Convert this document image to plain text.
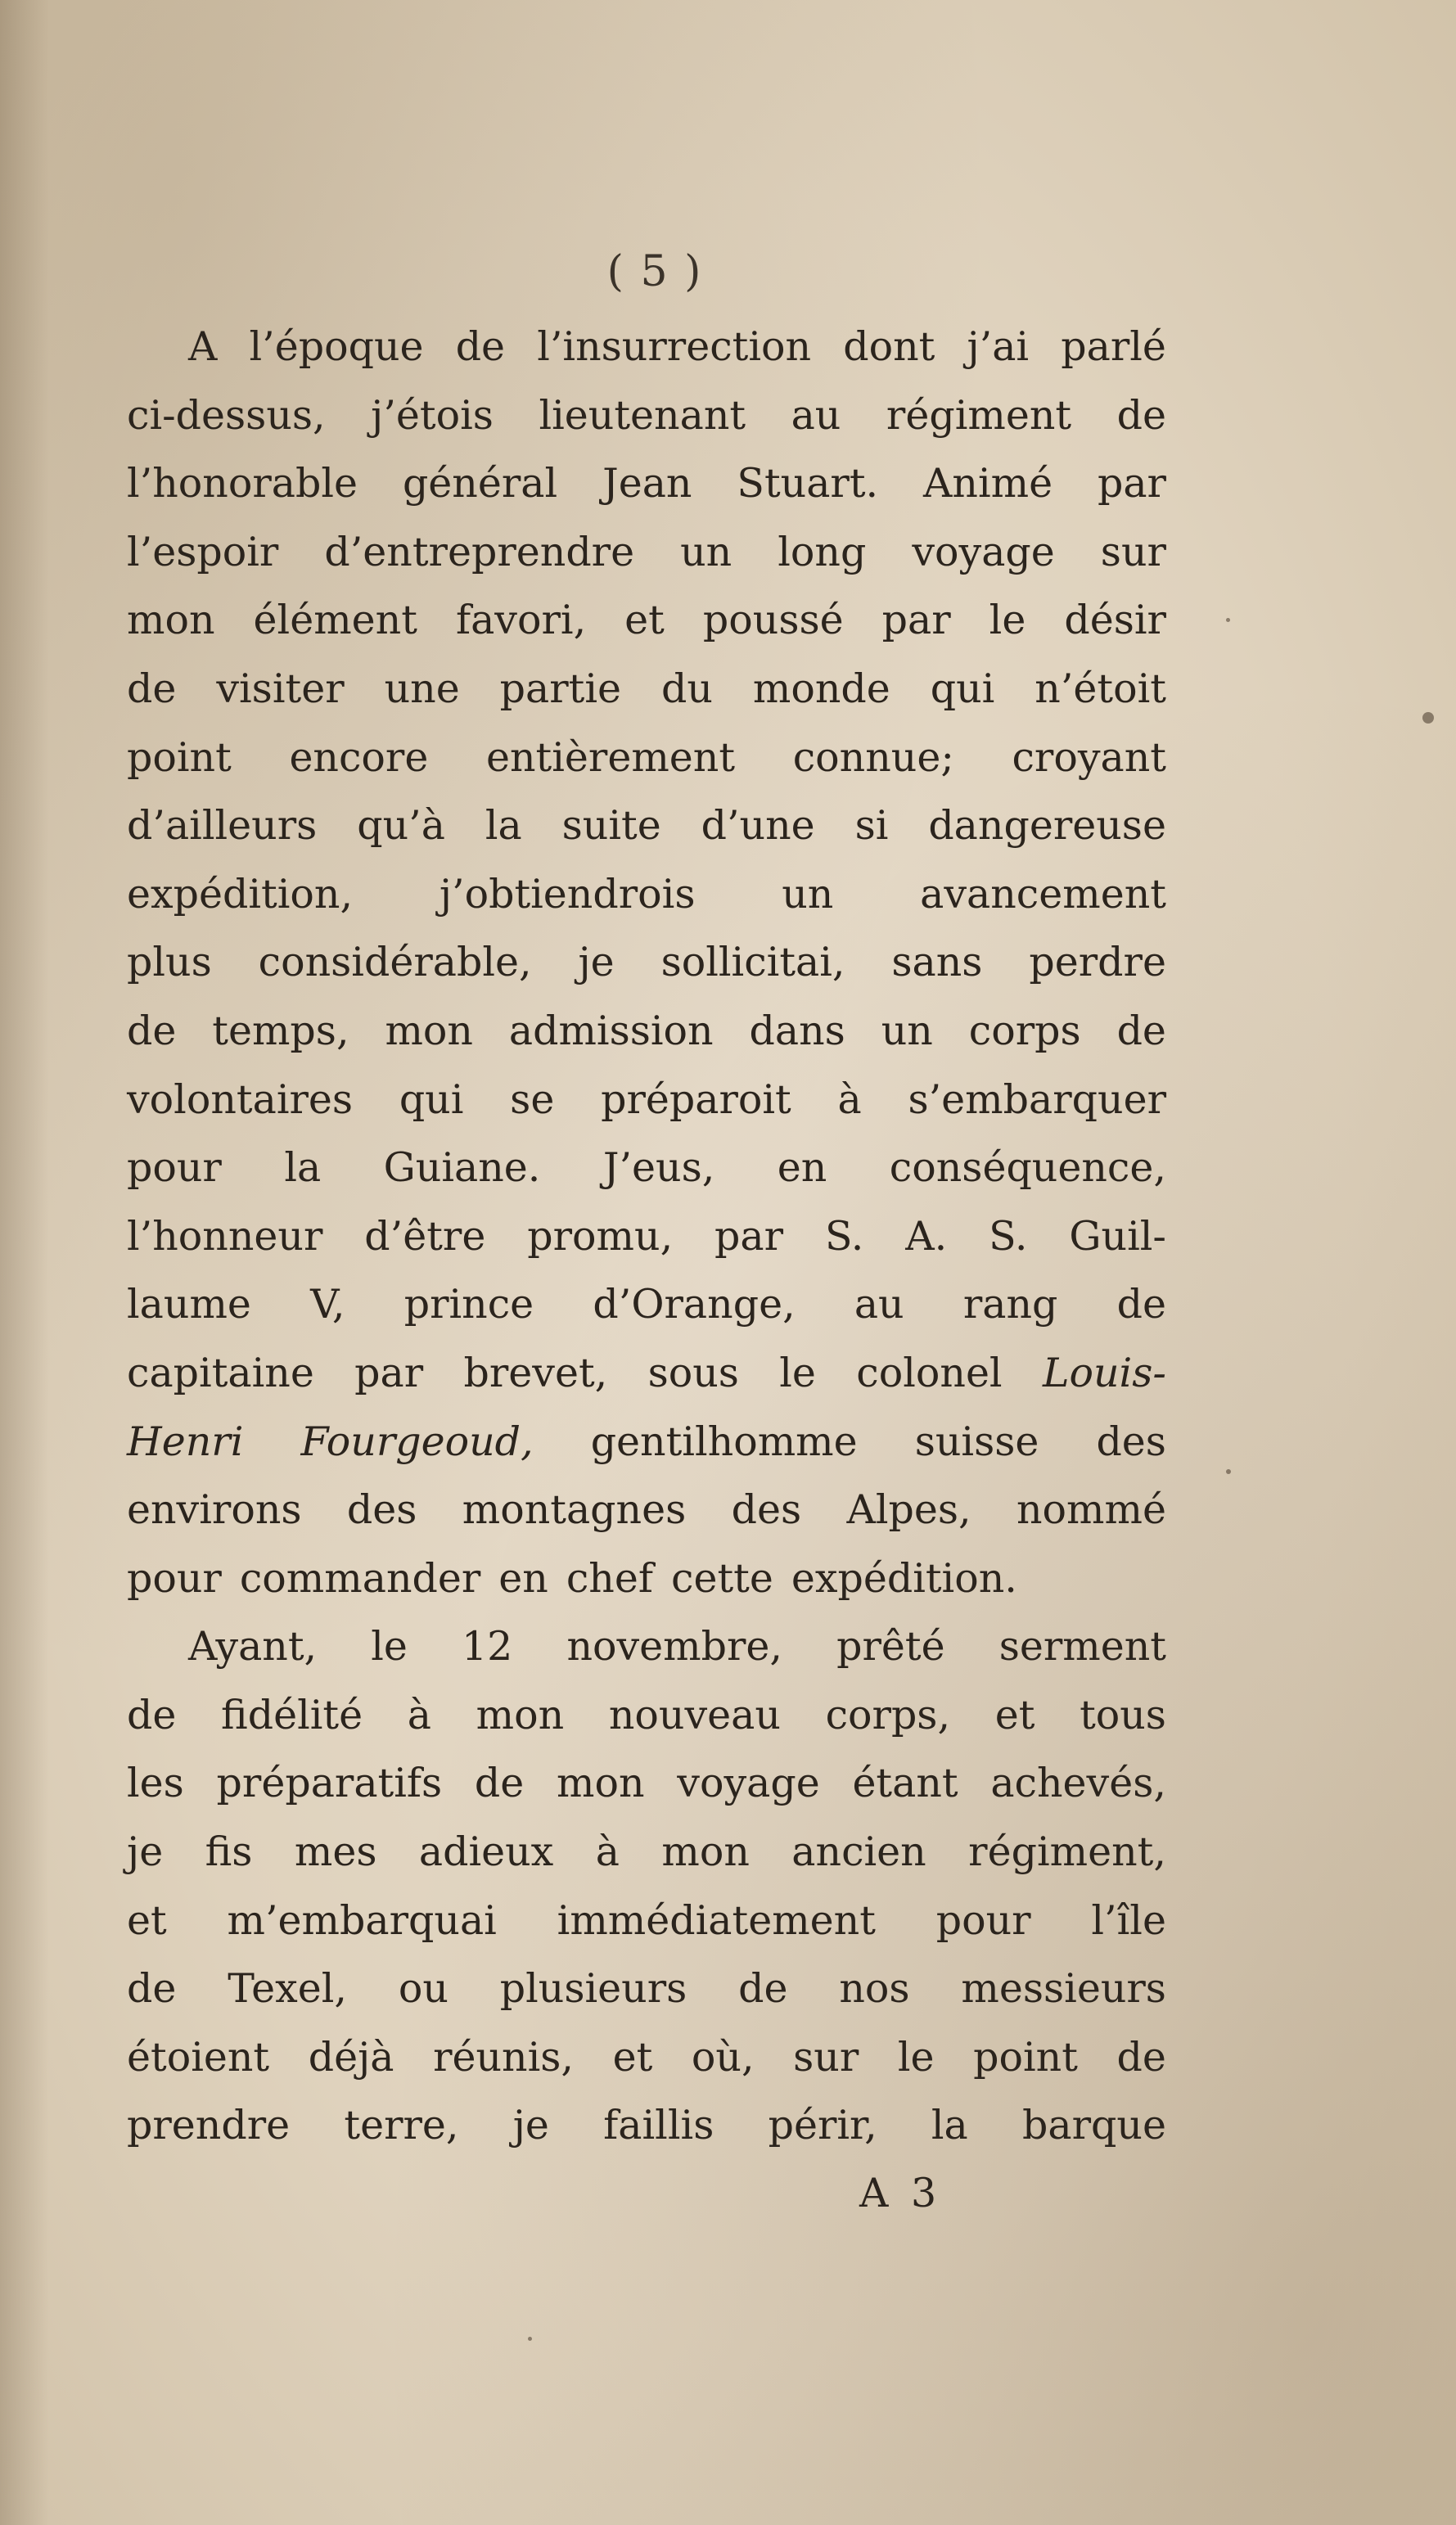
( 5 )
A l’époque de l’insurrection dont j’ai parlé
ci-dessus, j’étois lieutenant au régiment de
l’honorable général Jean Stuart. Animé par
l’espoir d’entreprendre un long voyage sur
mon élément favori, et poussé par le désir
de visiter une partie du monde qui n’étoit
point encore entièrement connue; croyant
d’ailleurs qu’à la suite d’une si dangereuse
expédition, j’obtiendrois un avancement
plus considérable, je sollicitai, sans perdre
de temps, mon admission dans un corps de
volontaires qui se préparoit à s’embarquer
pour la Guiane. J’eus, en conséquence,
l’honneur d’être promu, par S. A. S. Guil-
laume V, prince d’Orange, au rang de
capitaine par brevet, sous le colonel Louis-
Henri Fourgeoud, gentilhomme suisse des
environs des montagnes des Alpes, nommé
pour commander en chef cette expédition.
Ayant, le 12 novembre, prêté serment
de fidélité à mon nouveau corps, et tous
les préparatifs de mon voyage étant achevés,
je fis mes adieux à mon ancien régiment,
et m’embarquai immédiatement pour l’île
de Texel, ou plusieurs de nos messieurs
étoient déjà réunis, et où, sur le point de
prendre terre, je faillis périr, la barque
A 3
